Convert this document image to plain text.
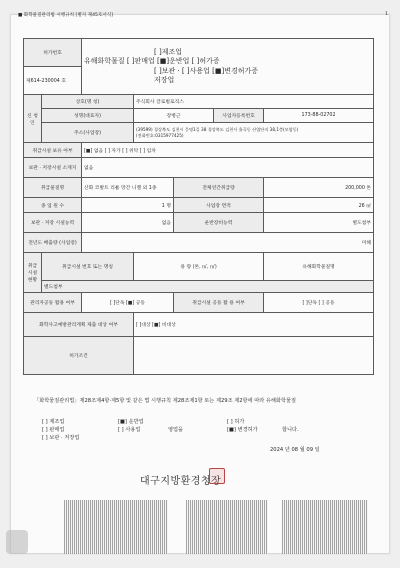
■ 화학물질관리법 시행규칙 [별지 제45호서식]	1
허가번호		[ ]제조업
유해화학물질 [ ]판매업 [■]운반업 [ ]허가증
[ ]보관 · [ ]사용업 [■]변경허가증
저장업				

제614-230004 호						
신 청 인	상호(명 칭)		주식회사 글로벌로직스			
	성명(대표자)		장병근		사업자등록번호	173-88-02702
	주소(사업장)		(39599) 경상북도 김천시 응명1길 38 경상북도 김천시 율곡동 산업단지 38,1층(모암동)
(전화번호:0315977425)			

취급시설 보유 여부		[■] 없음 [ ] 자가 [ ] 위탁 [ ] 임차				
보관 · 저장시설 소재지		없음				
취급물질명		산화 코발트 리튬 망간 니켈 외 1종		전체연간취급량		200,000 톤
종 업 원 수		1 명		사업장 면적		26 ㎡
보관 · 저장 시설능력		없음		운반장비능력		별도첨부
전년도 배출량 (사업장)		미해				
취급 시설 현황	취급시설 번호 또는 명칭		용 량 (톤, ㎥, ㎡)			유해화학물질명
	별도첨부					
관리자공동 활용 여부		[ ]단독 [■] 공동		취급시설 공동 활 용 여부		[ ]단독 [ ] 공동
화학사고예방관리계획 제출 대상 여부			[ ]대상 [■] 비대상			
허가조건						
「화학물질관리법」제28조제4항·제5항 및 같은 법 시행규칙 제28조제1항 또는 제29조 제2항에 따라 유해화학물질
[ ] 제조업
[ ] 판매업
[ ] 보관 · 저장업
[■] 운반업
[ ] 사용업	영업을
[ ] 허가
[■] 변경허가	합니다.
2024 년 08 월 09 일
대구지방환경청장
